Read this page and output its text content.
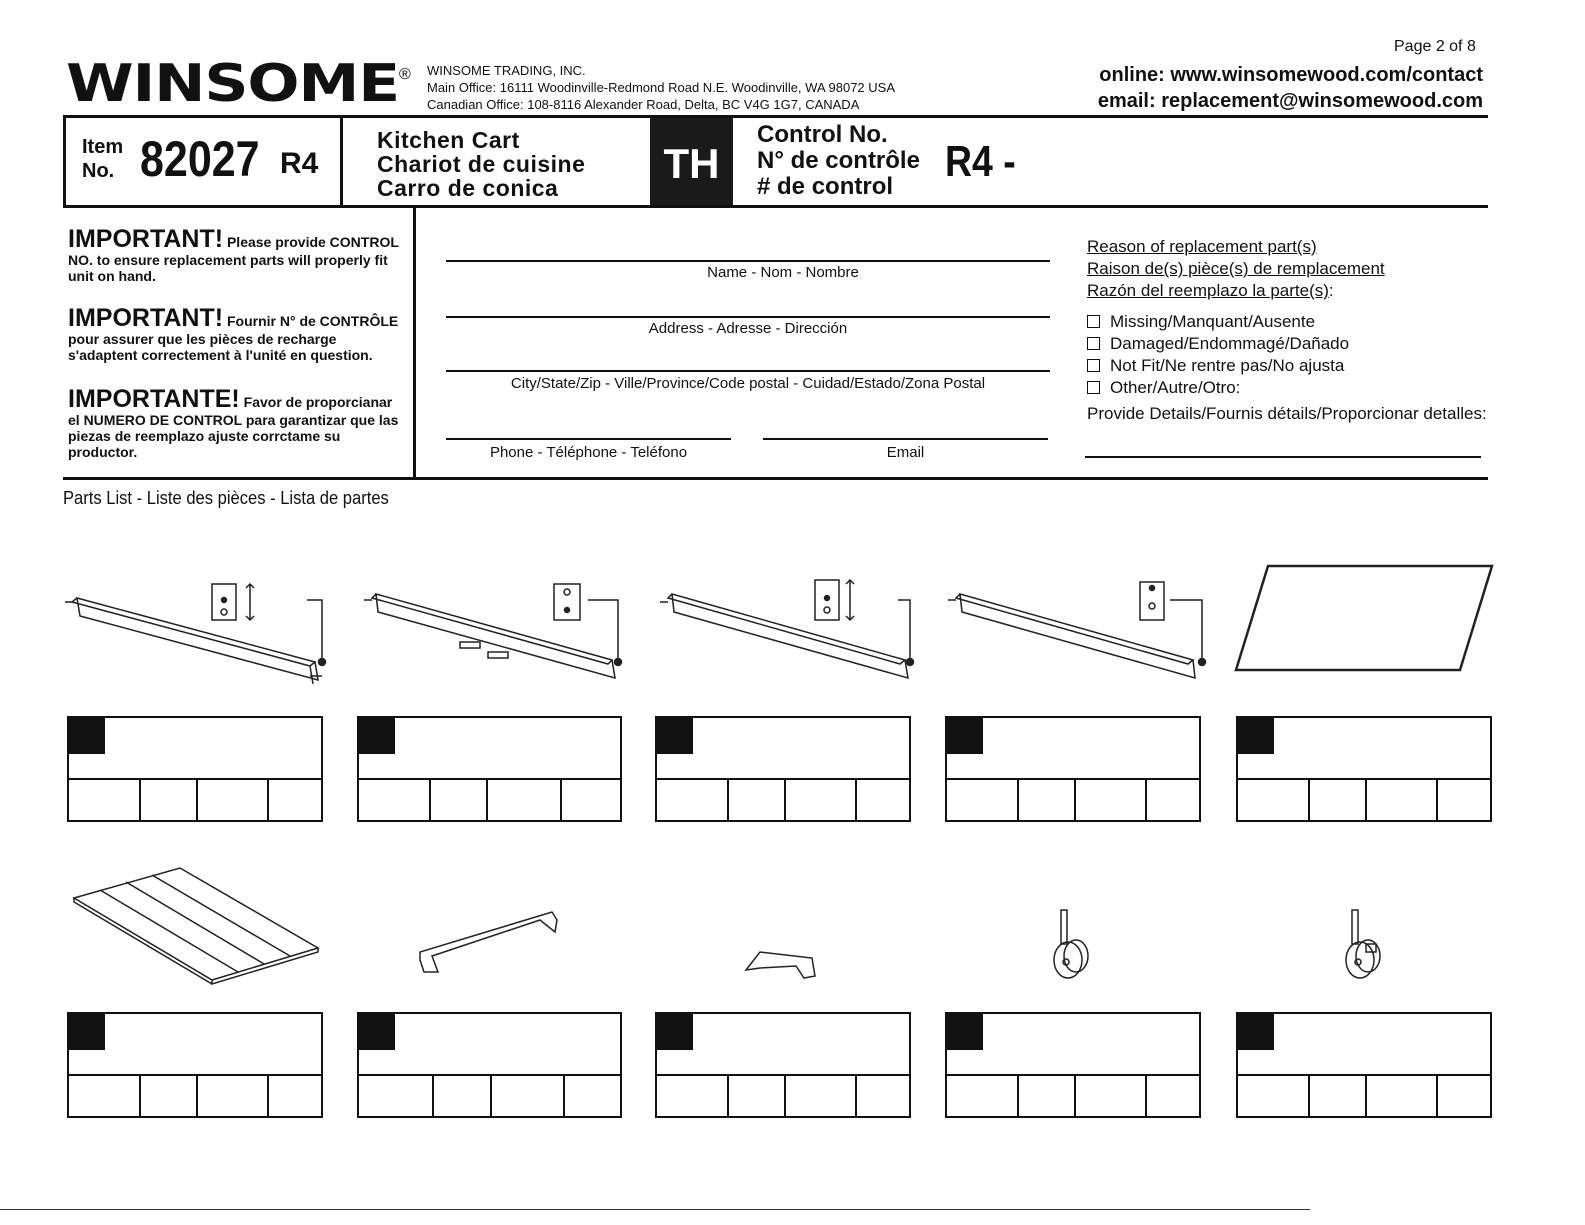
WINSOME ® WINSOME TRADING, INC.
Main Office: 16111 Woodinville-Redmond Road N.E. Woodinville, WA 98072 USA
Canadian Office: 108-8116 Alexander Road, Delta, BC V4G 1G7, CANADA
Page 2 of 8
online: www.winsomewood.com/contact
email: replacement@winsomewood.com
Item
No. 82027 R4
Kitchen Cart
Chariot de cuisine
Carro de conica
TH
Control No.
N° de contrôle
# de control
R4 -
IMPORTANT! Please provide CONTROL
NO. to ensure replacement parts will properly fit unit on hand.
IMPORTANT! Fournir N° de CONTRÔLE
pour assurer que les pièces de recharge s'adaptent correctement à l'unité en question.
IMPORTANTE! Favor de proporcianar
el NUMERO DE CONTROL para garantizar que las piezas de reemplazo ajuste corrctame su productor.
Name - Nom - Nombre
Address - Adresse - Dirección
City/State/Zip - Ville/Province/Code postal - Cuidad/Estado/Zona Postal
Phone - Téléphone - Teléfono	Email
Reason of replacement part(s)
Raison de(s) pièce(s) de remplacement
Razón del reemplazo la parte(s):
Missing/Manquant/Ausente
Damaged/Endommagé/Dañado
Not Fit/Ne rentre pas/No ajusta
Other/Autre/Otro:
Provide Details/Fournis détails/Proporcionar detalles:
Parts List - Liste des pièces - Lista de partes
